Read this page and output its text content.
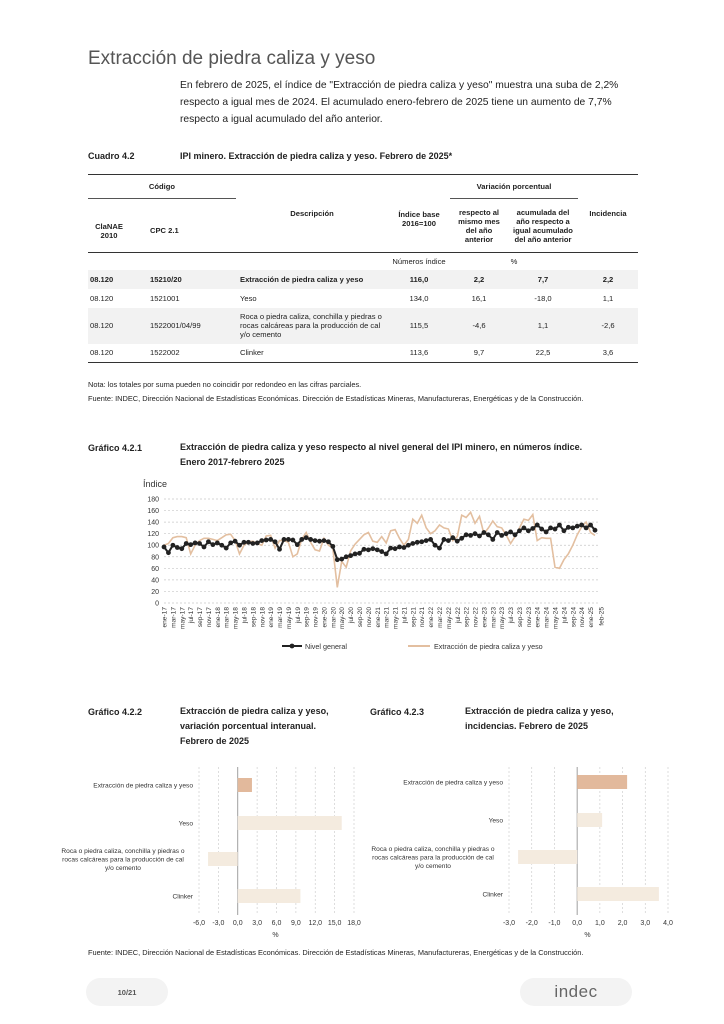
Extracción de piedra caliza y yeso
En febrero de 2025, el índice de "Extracción de piedra caliza y yeso" muestra una suba de 2,2% respecto a igual mes de 2024. El acumulado enero-febrero de 2025 tiene un aumento de 7,7% respecto a igual acumulado del año anterior.
Cuadro 4.2	IPI minero. Extracción de piedra caliza y yeso. Febrero de 2025*
Código		Descripción	Índice base 2016=100	Variación porcentual		Incidencia
ClaNAE 2010	CPC 2.1			respecto al mismo mes del año anterior	acumulada del año respecto a igual acumulado del año anterior	
			Números índice	%		
08.120	15210/20	Extracción de piedra caliza y yeso	116,0	2,2	7,7	2,2
08.120	1521001	Yeso	134,0	16,1	-18,0	1,1
08.120	1522001/04/99	Roca o piedra caliza, conchilla y piedras o rocas calcáreas para la producción de cal y/o cemento	115,5	-4,6	1,1	-2,6
08.120	1522002	Clinker	113,6	9,7	22,5	3,6
Nota: los totales por suma pueden no coincidir por redondeo en las cifras parciales.
Fuente: INDEC, Dirección Nacional de Estadísticas Económicas. Dirección de Estadísticas Mineras, Manufactureras, Energéticas y de la Construcción.
Gráfico 4.2.1	Extracción de piedra caliza y yeso respecto al nivel general del IPI minero, en números índice.
Enero 2017-febrero 2025
Índice
0
20
40
60
80
100
120
140
160
180
ene-17 mar-17 may-17 jul-17 sep-17 nov-17 ene-18 mar-18 may-18 jul-18 sep-18 nov-18 ene-19 mar-19 may-19 jul-19 sep-19 nov-19 ene-20 mar-20 may-20 jul-20 sep-20 nov-20 ene-21 mar-21 may-21 jul-21 sep-21 nov-21 ene-22 mar-22 may-22 jul-22 sep-22 nov-22 ene-23 mar-23 may-23 jul-23 sep-23 nov-23 ene-24 mar-24 may-24 jul-24 sep-24 nov-24 ene-25 feb-25
Nivel general	Extracción de piedra caliza y yeso
Gráfico 4.2.2	Extracción de piedra caliza y yeso, variación porcentual interanual. Febrero de 2025
-6,0 -3,0 0,0 3,0 6,0 9,0 12,0 15,0 18,0
%
Extracción de piedra caliza y yeso
Yeso
Roca o piedra caliza, conchilla y piedras o rocas calcáreas para la producción de cal y/o cemento
Clinker
Gráfico 4.2.3	Extracción de piedra caliza y yeso, incidencias. Febrero de 2025
-3,0 -2,0 -1,0 0,0 1,0 2,0 3,0 4,0
%
Extracción de piedra caliza y yeso
Yeso
Roca o piedra caliza, conchilla y piedras o rocas calcáreas para la producción de cal y/o cemento
Clinker
Fuente: INDEC, Dirección Nacional de Estadísticas Económicas. Dirección de Estadísticas Mineras, Manufactureras, Energéticas y de la Construcción.
10/21	indec
